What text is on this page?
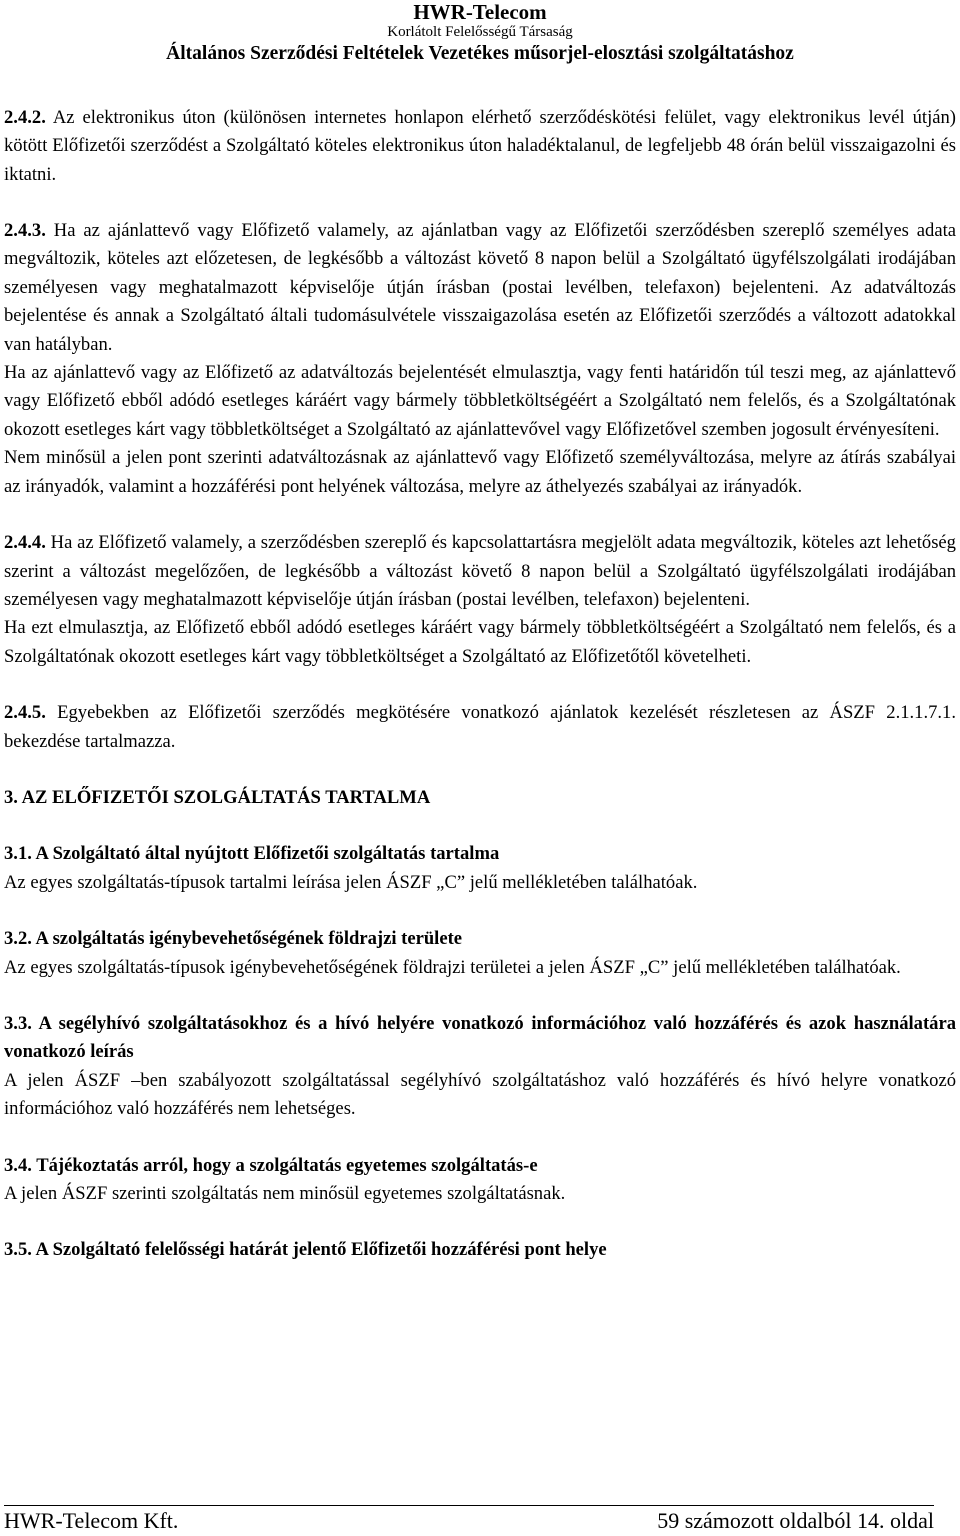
HWR-Telecom
Korlátolt Felelősségű Társaság
Általános Szerződési Feltételek Vezetékes műsorjel-elosztási szolgáltatáshoz

2.4.2. Az elektronikus úton (különösen internetes honlapon elérhető szerződéskötési felület, vagy elektronikus levél útján) kötött Előfizetői szerződést a Szolgáltató köteles elektronikus úton haladéktalanul, de legfeljebb 48 órán belül visszaigazolni és iktatni.

2.4.3. Ha az ajánlattevő vagy Előfizető valamely, az ajánlatban vagy az Előfizetői szerződésben szereplő személyes adata megváltozik, köteles azt előzetesen, de legkésőbb a változást követő 8 napon belül a Szolgáltató ügyfélszolgálati irodájában személyesen vagy meghatalmazott képviselője útján írásban (postai levélben, telefaxon) bejelenteni. Az adatváltozás bejelentése és annak a Szolgáltató általi tudomásulvétele visszaigazolása esetén az Előfizetői szerződés a változott adatokkal van hatályban.

Ha az ajánlattevő vagy az Előfizető az adatváltozás bejelentését elmulasztja, vagy fenti határidőn túl teszi meg, az ajánlattevő vagy Előfizető ebből adódó esetleges káráért vagy bármely többletköltségéért a Szolgáltató nem felelős, és a Szolgáltatónak okozott esetleges kárt vagy többletköltséget a Szolgáltató az ajánlattevővel vagy Előfizetővel szemben jogosult érvényesíteni.

Nem minősül a jelen pont szerinti adatváltozásnak az ajánlattevő vagy Előfizető személyváltozása, melyre az átírás szabályai az irányadók, valamint a hozzáférési pont helyének változása, melyre az áthelyezés szabályai az irányadók.

2.4.4. Ha az Előfizető valamely, a szerződésben szereplő és kapcsolattartásra megjelölt adata megváltozik, köteles azt lehetőség szerint a változást megelőzően, de legkésőbb a változást követő 8 napon belül a Szolgáltató ügyfélszolgálati irodájában személyesen vagy meghatalmazott képviselője útján írásban (postai levélben, telefaxon) bejelenteni.

Ha ezt elmulasztja, az Előfizető ebből adódó esetleges káráért vagy bármely többletköltségéért a Szolgáltató nem felelős, és a Szolgáltatónak okozott esetleges kárt vagy többletköltséget a Szolgáltató az Előfizetőtől követelheti.

2.4.5. Egyebekben az Előfizetői szerződés megkötésére vonatkozó ajánlatok kezelését részletesen az ÁSZF 2.1.1.7.1. bekezdése tartalmazza.

3. AZ ELŐFIZETŐI SZOLGÁLTATÁS TARTALMA

3.1. A Szolgáltató által nyújtott Előfizetői szolgáltatás tartalma

Az egyes szolgáltatás-típusok tartalmi leírása jelen ÁSZF „C” jelű mellékletében találhatóak.

3.2. A szolgáltatás igénybevehetőségének földrajzi területe

Az egyes szolgáltatás-típusok igénybevehetőségének földrajzi területei a jelen ÁSZF „C” jelű mellékletében találhatóak.

3.3. A segélyhívó szolgáltatásokhoz és a hívó helyére vonatkozó információhoz való hozzáférés és azok használatára vonatkozó leírás

A jelen ÁSZF –ben szabályozott szolgáltatással segélyhívó szolgáltatáshoz való hozzáférés és hívó helyre vonatkozó információhoz való hozzáférés nem lehetséges.

3.4. Tájékoztatás arról, hogy a szolgáltatás egyetemes szolgáltatás-e

A jelen ÁSZF szerinti szolgáltatás nem minősül egyetemes szolgáltatásnak.

3.5. A Szolgáltató felelősségi határát jelentő Előfizetői hozzáférési pont helye

HWR-Telecom Kft.	59 számozott oldalból 14. oldal
